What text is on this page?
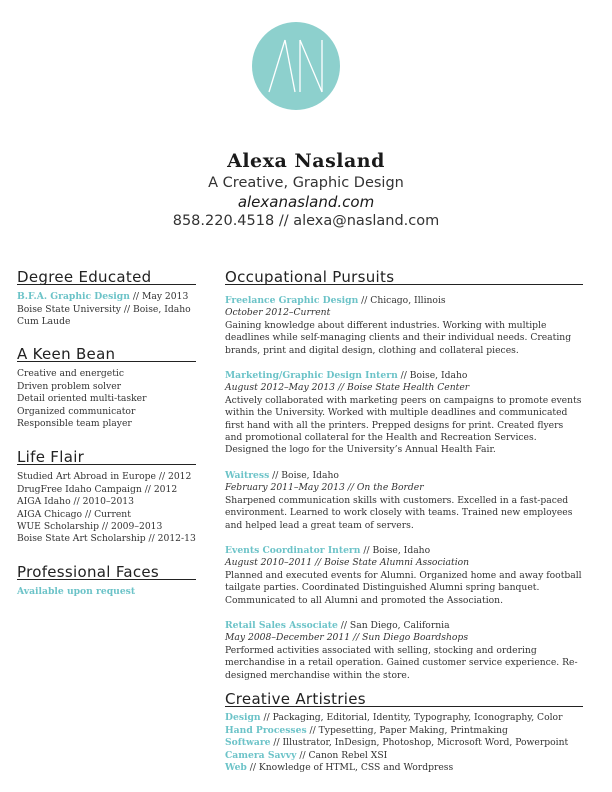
Alexa Nasland
A Creative, Graphic Design
alexanasland.com
858.220.4518 // alexa@nasland.com
Degree Educated
B.F.A. Graphic Design // May 2013
Boise State University // Boise, Idaho
Cum Laude
A Keen Bean
Creative and energetic
Driven problem solver
Detail oriented multi-tasker
Organized communicator
Responsible team player
Life Flair
Studied Art Abroad in Europe // 2012
DrugFree Idaho Campaign // 2012
AIGA Idaho // 2010–2013
AIGA Chicago // Current
WUE Scholarship // 2009–2013
Boise State Art Scholarship // 2012-13
Professional Faces
Available upon request
Occupational Pursuits
Freelance Graphic Design // Chicago, Illinois
October 2012–Current
Gaining knowledge about different industries. Working with multiple deadlines while self-managing clients and their individual needs. Creating brands, print and digital design, clothing and collateral pieces.
Marketing/Graphic Design Intern // Boise, Idaho
August 2012–May 2013 // Boise State Health Center
Actively collaborated with marketing peers on campaigns to promote events within the University. Worked with multiple deadlines and communicated first hand with all the printers. Prepped designs for print. Created flyers and promotional collateral for the Health and Recreation Services. Designed the logo for the University’s Annual Health Fair.
Waitress // Boise, Idaho
February 2011–May 2013 // On the Border
Sharpened communication skills with customers. Excelled in a fast-paced environment. Learned to work closely with teams. Trained new employees and helped lead a great team of servers.
Events Coordinator Intern // Boise, Idaho
August 2010–2011 // Boise State Alumni Association
Planned and executed events for Alumni. Organized home and away football tailgate parties. Coordinated Distinguished Alumni spring banquet. Communicated to all Alumni and promoted the Association.
Retail Sales Associate // San Diego, California
May 2008–December 2011 // Sun Diego Boardshops
Performed activities associated with selling, stocking and ordering merchandise in a retail operation. Gained customer service experience. Re-designed merchandise within the store.
Creative Artistries
Design // Packaging, Editorial, Identity, Typography, Iconography, Color
Hand Processes // Typesetting, Paper Making, Printmaking
Software // Illustrator, InDesign, Photoshop, Microsoft Word, Powerpoint
Camera Savvy // Canon Rebel XSI
Web // Knowledge of HTML, CSS and Wordpress
